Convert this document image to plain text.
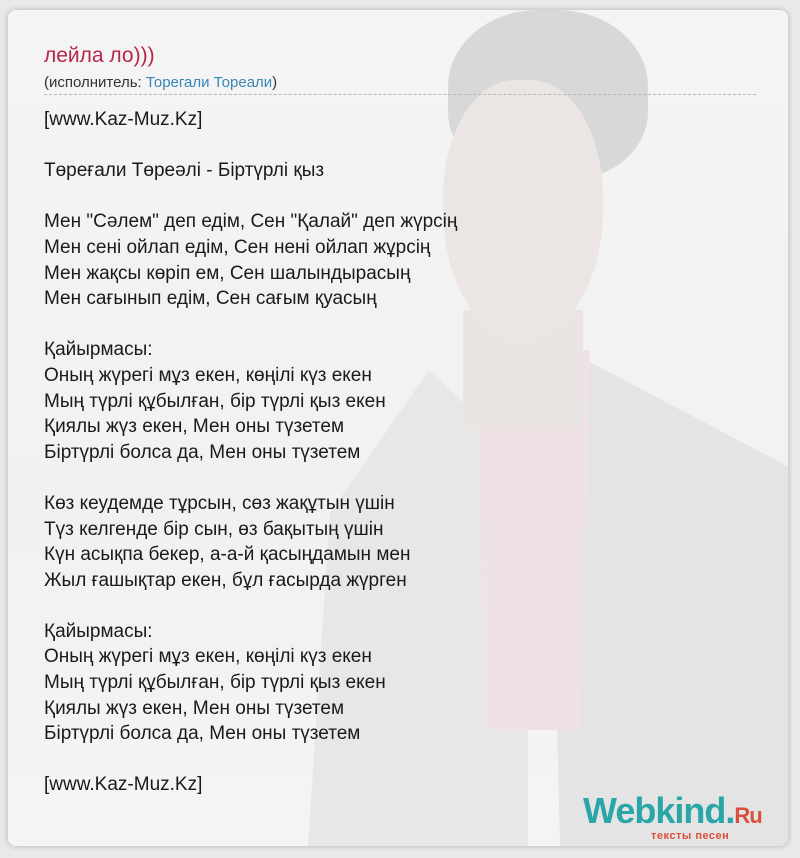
лейла ло)))
(исполнитель: Торегали Тореали)
[www.Kaz-Muz.Kz]
Төреғали Төреәлі - Біртүрлі қыз
Мен "Сәлем" деп едім, Сен "Қалай" деп жүрсің
Мен сені ойлап едім, Сен нені ойлап жұрсің
Мен жақсы көріп ем, Сен шалындырасың
Мен сағынып едім, Сен сағым қуасың
Қайырмасы:
Оның жүрегі мұз екен, көңілі күз екен
Мың түрлі құбылған, бір түрлі қыз екен
Қиялы жүз екен, Мен оны түзетем
Біртүрлі болса да, Мен оны түзетем
Көз кеудемде тұрсын, сөз жақұтын үшін
Түз келгенде бір сын, өз бақытың үшін
Күн асықпа бекер, а-а-й қасыңдамын мен
Жыл ғашықтар екен, бұл ғасырда жүрген
Қайырмасы:
Оның жүрегі мұз екен, көңілі күз екен
Мың түрлі құбылған, бір түрлі қыз екен
Қиялы жүз екен, Мен оны түзетем
Біртүрлі болса да, Мен оны түзетем
[www.Kaz-Muz.Kz]
Webkind.Ru
тексты песен
